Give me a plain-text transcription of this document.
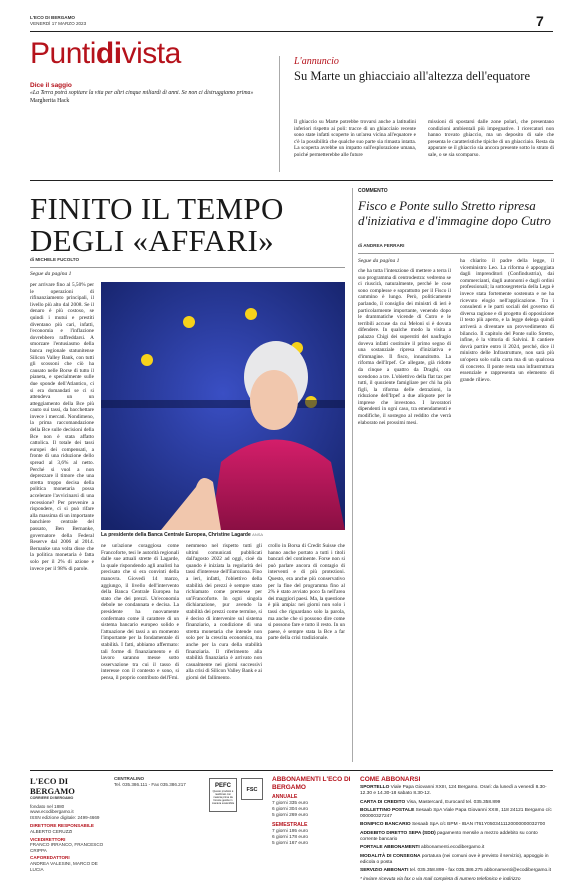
L'ECO DI BERGAMO
VENERDÌ 17 MARZO 2023	7
Puntidivista
Dice il saggio
«La Terra potrà sopitare la vita per altri cinque miliardi di anni. Se non ci distruggiamo prima»
Margherita Hack
L'annuncio
Su Marte un ghiacciaio all'altezza dell'equatore
Il ghiaccio su Marte potrebbe trovarsi anche a latitudini inferiori rispetto ai poli: tracce di un ghiacciaio recente sono state infatti scoperte in un'area vicina all'equatore e c'è la possibilità che qualche suo parte sia rimasta intatta. La scoperta avrebbe un impatto sull'esplorazione umana, poiché permetterebbe alle future
missioni di spostarsi dalle zone polari, che presentano condizioni ambientali più impegnative. I ricercatori non hanno trovato ghiaccio, ma un deposito di sale che presenta le caratteristiche tipiche di un ghiacciaio. Resta da appurare se il ghiaccio sia ancora presente sotto lo strato di sale, o se sia scomparso.
FINITO IL TEMPO DEGLI «AFFARI»
di MICHELE FUCOLTO
Segue da pagina 1
per arrivare fino al 5,50% per le operazioni di rifinanziamento principali, il livello più alto dal 2008. Se il denaro è più costoso, se quindi i mutui e prestiti diventano più cari, infatti, l'economia e l'inflazione dovrebbero raffreddarsi. A smorzare l'entusiasmo della banca regionale statunitense Silicon Valley Bank, con tutti gli scossoni che ciò ha causato nelle Borse di tutto il pianeta, e specialmente sulle due sponde dell'Atlantico, ci si era domandati se ci si attendeva un un atteggiamento della Bce più cauto sui tassi, da bacchettare invece i mercati. Nondimeno, la prima raccomandazione della Bce sulle decisioni della Bce non è stata affatto cattolica. Il totale dei tassi europei dei compensati, a fronte di una riduzione dello spread al 3,6% al netto. Perché si vuol a non deprezzare il timore che una stretta troppo decisa della politica monetaria possa accelerare l'avvicinarsi di una recessione? Per prevenire a rispondere, ci si può rifare alla massima di un importante banchiere centrale del passato, Ben Bernanke, governatore della Federal Reserve dal 2006 al 2014. Bernanke una volta disse che la politica monetaria è fatta solo per il 2% di azione e invece per il 98% di parole.
La presidente della Banca Centrale Europea, Christine Lagarde ANSA
ne un'azione coraggiosa come Francoforte, tesi le autorità regionali dalle sue attuali strette di Lagarde, la quale rispondendo agli analisti ha precisato che si era convinti della manovra. Giovedì 14 marzo, aggiungo, il livello dell'intervento della Banca Centrale Europea ha stato che dei prezzi. Un'economia debole ne condannata e decisa. La presidente ha nuovamente confermato come il carattere di un sistema bancario europeo solido e l'attuazione dei tassi a un momento l'importante per la fondamentale di stabilità. I fatti, abbiamo affermato: tali forme di finanziamento e di lavoro saranno messe sotto osservazione tra cui il tasso di interesse con il contesto e sono, si pensa, il proprio contributo dell'Fmi.
nemmeno nel rispetto tutti gli ultimi comunicati pubblicati dall'agosto 2022 ad oggi, cioè da quando è iniziata la regolarità dei tassi d'interesse dell'Eurozona. Fino a ieri, infatti, l'obiettivo della stabilità dei prezzi è sempre stato richiamato come premesse per un'Francoforte. In ogni singola dichiarazione, pur avendo la stabilità dei prezzi come termine, si è deciso di intervenire sul sistema finanziario, a condizione di una stretta monetaria che intende non solo per la crescita economica, ma anche per la cura della stabilità finanziaria. Il riferimento alla stabilità finanziaria è arrivato non casualmente nei giorni successivi alla crisi di Silicon Valley Bank e ai giorni del fallimento.
crollo in Borsa di Credit Suisse che hanno anche portato a tutti i titoli bancari del continente. Forse non si può parlare ancora di contagio di interventi e di più protezioni. Questo, era anche più conservativo per la fine del programma fino al 2% è stato avviato poco fa nell'area dei maggiori paesi. Ma, la questione è più ampia: nei giorni non solo i tassi che riguardano solo la parola, ma anche che si possono dire come si possono fare e tutto il resto. In un paese, è sempre stata la Bce a far parte della crisi tradizionale.
COMMENTO
Fisco e Ponte sullo Stretto ripresa d'iniziativa e d'immagine dopo Cutro
di ANDREA FERRARI
Segue da pagina 1
che ha tutta l'intenzione di mettere a terra il suo programma di centrodestra: vedremo se ci riuscirà, naturalmente, perché le cose sono complesse e soprattutto per il Fisco il cammino è lungo. Però, politicamente parlando, il consiglio dei ministri di ieri è particolarmente importante, venendo dopo le drammatiche vicende di Cutro e le terribili accuse da cui Meloni si è dovuta difendere. In qualche modo la visita a palazzo Chigi dei superstiti del naufragio doveva infatti costituire il primo segno di una sostanziale ripresa d'iniziativa e d'immagine. Il fisco, innanzitutto. La riforma dell'Irpef. Ce allegate, già ridotte da cinque a quattro da Draghi, ora scendono a tre. L'obiettivo della flat tax per tutti, il quoziente famigliare per chi ha più figli, la riforma delle detrazioni, la riduzione dell'Irpef a due aliquote per le imprese che investono. I lavoratori dipendenti in ogni caso, tra emendamenti e modifiche, il sostegno al reddito che verrà elaborato nei prossimi mesi.
ha chiarito il padre della legge, il viceministro Leo. La riforma è appoggiata dagli imprenditori (Confindustria), dai commercianti, dagli autonomi e dagli ordini professionali; la sottosegreteria della Lega è invece stata fortemente sostenuta e ne ha ricevuto elogio nell'applicazione. Tra i consulenti e le parti sociali del governo di diversa ragione e di progetto di opposizione il testo più aperto, e la legge delega quindi arriverà a diventare un provvedimento di bilancio. Il capitolo del Ponte sullo Stretto, infine, è la vittoria di Salvini. Il cantiere dovrà partire entro il 2024, perché, dice il ministro delle Infrastrutture, non sarà più un'opera solo sulla carta ma di un qualcosa di concreto. Il ponte resta una infrastruttura essenziale e rappresenta un elemento di grande rilievo.
L'ECO DI BERGAMO
CORRIERE DI BERGAMO
fondato nel 1880
www.ecodibergamo.it
ISSN edizione digitale: 2499-4669
DIRETTORE RESPONSABILE
ALBERTO CERUZZI
VICEDIRETTORI
FRANCO IRRANCO, FRANCESCO CRIPPA
CAPOREDATTORI
ANDREA VALESINI, MARCO DE LUCIA
CENTRALINO
Tel. 035.386.111 - Fax 035.386.217	PEFC
Questo prodotto è realizzato con materia prima da foreste gestite in maniera sostenibile
FSC
ABBONAMENTI L'ECO DI BERGAMO
ANNUALE
7 giorni 335 euro
6 giorni 304 euro
5 giorni 269 euro
SEMESTRALE
7 giorni 195 euro
6 giorni 178 euro
5 giorni 167 euro
COME ABBONARSI
SPORTELLO Viale Papa Giovanni XXIII, 124 Bergamo. Orari: da lunedì a venerdì 8.30-12.30 e 14.30-18 sabato 8.30-12.
CARTA DI CREDITO Visa, Mastercard, Eurocard tel. 035.358.899
BOLLETTINO POSTALE Sesaab SpA Viale Papa Giovanni XXIII, 118 24121 Bergamo c/c 000000327247
BONIFICO BANCARIO Sesaab SpA c/c BPM - IBAN IT61Y0503411120000000032700
ADDEBITO DIRETTO SEPA (SDD) pagamento mensile a mezzo addebito su conto corrente bancario
PORTALE ABBONAMENTI abbonamenti.ecodibergamo.it
MODALITÀ DI CONSEGNA portatura (nei comuni ove è previsto il servizio), appoggio in edicola o posta
SERVIZIO ABBONATI tel. 035.358.899 - fax 035.386.275 abbonamenti@ecodibergamo.it
* inviare ricevuta via fax o via mail completa di numero telefonico e indirizzo
